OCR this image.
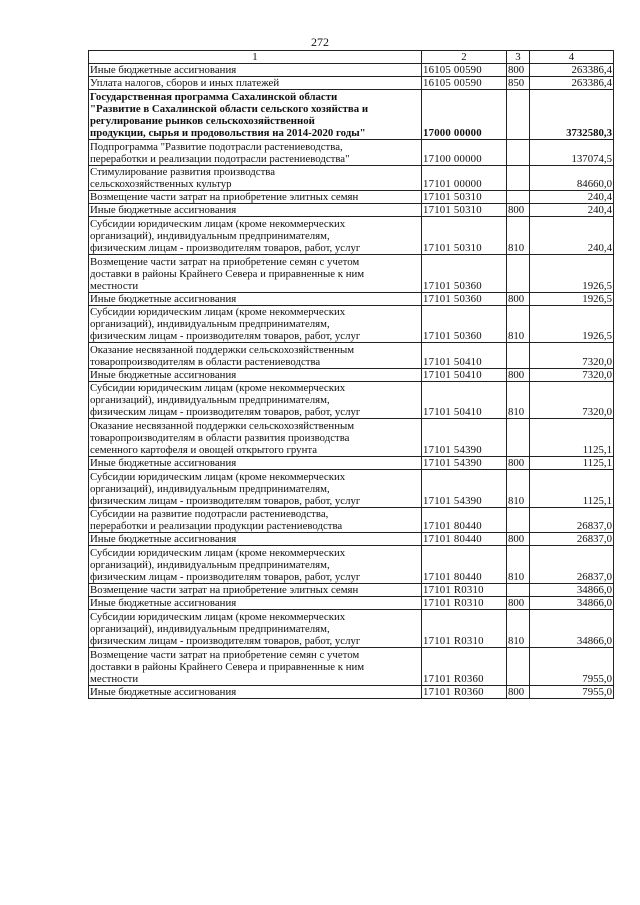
272
1	2	3	4
Иные бюджетные ассигнования	16105 00590	800	263386,4
Уплата налогов, сборов и иных платежей	16105 00590	850	263386,4
Государственная программа Сахалинской области
"Развитие в Сахалинской области сельского хозяйства и
регулирование рынков сельскохозяйственной
продукции, сырья и продовольствия на 2014-2020 годы"	17000 00000		3732580,3
Подпрограмма "Развитие подотрасли растениеводства,
переработки и реализации подотрасли растениеводства"	17100 00000		137074,5
Стимулирование развития производства
сельскохозяйственных культур	17101 00000		84660,0
Возмещение части затрат на приобретение элитных семян	17101 50310		240,4
Иные бюджетные ассигнования	17101 50310	800	240,4
Субсидии юридическим лицам (кроме некоммерческих
организаций), индивидуальным предпринимателям,
физическим лицам - производителям товаров, работ, услуг	17101 50310	810	240,4
Возмещение части затрат на приобретение семян с учетом
доставки в районы Крайнего Севера и приравненные к ним
местности	17101 50360		1926,5
Иные бюджетные ассигнования	17101 50360	800	1926,5
Субсидии юридическим лицам (кроме некоммерческих
организаций), индивидуальным предпринимателям,
физическим лицам - производителям товаров, работ, услуг	17101 50360	810	1926,5
Оказание несвязанной поддержки сельскохозяйственным
товаропроизводителям в области растениеводства	17101 50410		7320,0
Иные бюджетные ассигнования	17101 50410	800	7320,0
Субсидии юридическим лицам (кроме некоммерческих
организаций), индивидуальным предпринимателям,
физическим лицам - производителям товаров, работ, услуг	17101 50410	810	7320,0
Оказание несвязанной поддержки сельскохозяйственным
товаропроизводителям в области развития производства
семенного картофеля и овощей открытого грунта	17101 54390		1125,1
Иные бюджетные ассигнования	17101 54390	800	1125,1
Субсидии юридическим лицам (кроме некоммерческих
организаций), индивидуальным предпринимателям,
физическим лицам - производителям товаров, работ, услуг	17101 54390	810	1125,1
Субсидии на развитие подотрасли растениеводства,
переработки и реализации продукции растениеводства	17101 80440		26837,0
Иные бюджетные ассигнования	17101 80440	800	26837,0
Субсидии юридическим лицам (кроме некоммерческих
организаций), индивидуальным предпринимателям,
физическим лицам - производителям товаров, работ, услуг	17101 80440	810	26837,0
Возмещение части затрат на приобретение элитных семян	17101 R0310		34866,0
Иные бюджетные ассигнования	17101 R0310	800	34866,0
Субсидии юридическим лицам (кроме некоммерческих
организаций), индивидуальным предпринимателям,
физическим лицам - производителям товаров, работ, услуг	17101 R0310	810	34866,0
Возмещение части затрат на приобретение семян с учетом
доставки в районы Крайнего Севера и приравненные к ним
местности	17101 R0360		7955,0
Иные бюджетные ассигнования	17101 R0360	800	7955,0
